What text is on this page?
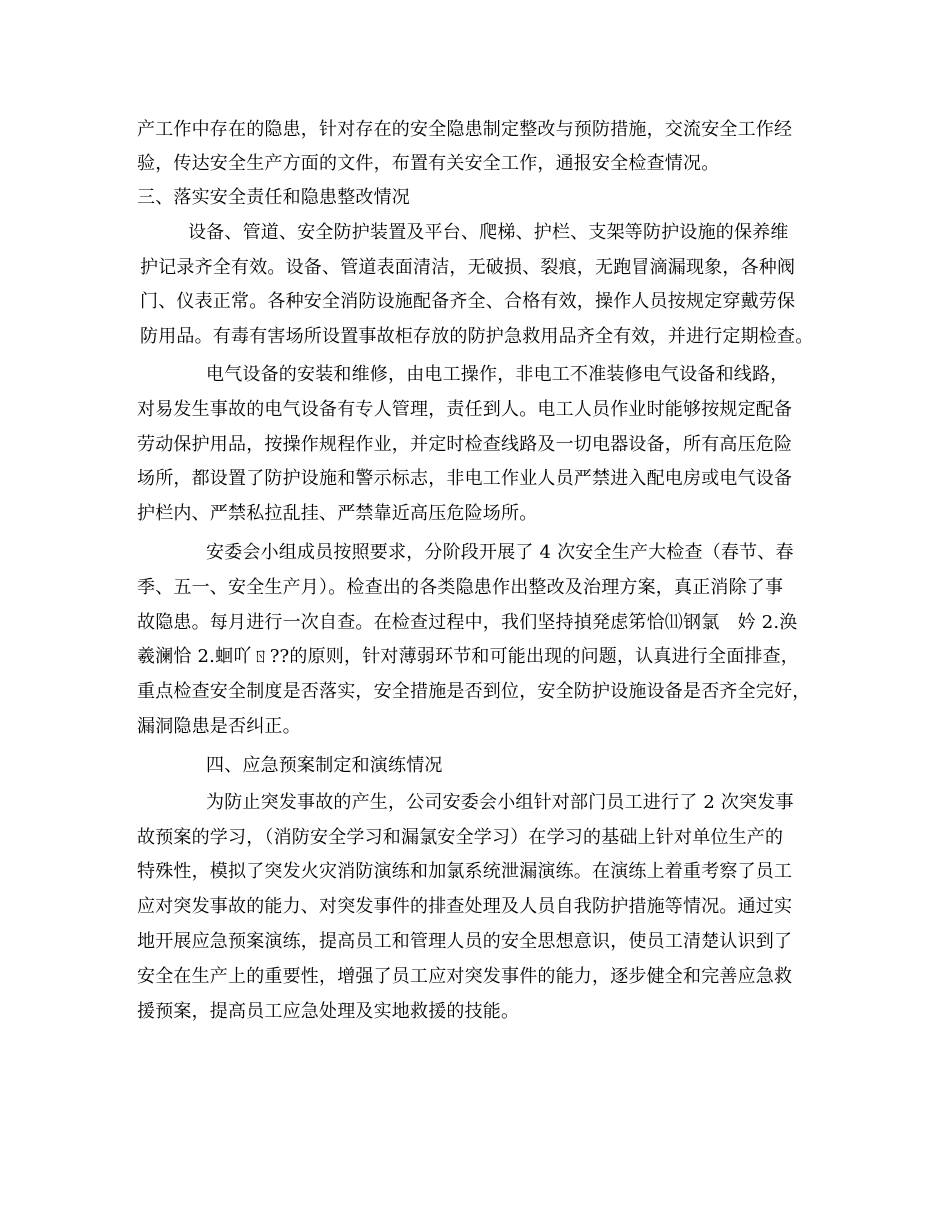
产工作中存在的隐患，针对存在的安全隐患制定整改与预防措施，交流安全工作经
验，传达安全生产方面的文件，布置有关安全工作，通报安全检查情况。
三、落实安全责任和隐患整改情况
设备、管道、安全防护装置及平台、爬梯、护栏、支架等防护设施的保养维
护记录齐全有效。设备、管道表面清洁，无破损、裂痕，无跑冒滴漏现象，各种阀
门、仪表正常。各种安全消防设施配备齐全、合格有效，操作人员按规定穿戴劳保
防用品。有毒有害场所设置事故柜存放的防护急救用品齐全有效，并进行定期检查。
电气设备的安装和维修，由电工操作，非电工不准装修电气设备和线路，
对易发生事故的电气设备有专人管理，责任到人。电工人员作业时能够按规定配备
劳动保护用品，按操作规程作业，并定时检查线路及一切电器设备，所有高压危险
场所，都设置了防护设施和警示标志，非电工作业人员严禁进入配电房或电气设备
护栏内、严禁私拉乱挂、严禁靠近高压危险场所。
安委会小组成员按照要求，分阶段开展了 4 次安全生产大检查（春节、春
季、五一、安全生产月）。检查出的各类隐患作出整改及治理方案，真正消除了事
故隐患。每月进行一次自查。在检查过程中，我们坚持揁発虑笫恰⑾钢氯　妗 2.涣
羲澜恰 2.蛔吖ㄖ??的原则，针对薄弱环节和可能出现的问题，认真进行全面排查，
重点检查安全制度是否落实，安全措施是否到位，安全防护设施设备是否齐全完好，
漏洞隐患是否纠正。
四、应急预案制定和演练情况
为防止突发事故的产生，公司安委会小组针对部门员工进行了 2 次突发事
故预案的学习，（消防安全学习和漏氯安全学习）在学习的基础上针对单位生产的
特殊性，模拟了突发火灾消防演练和加氯系统泄漏演练。在演练上着重考察了员工
应对突发事故的能力、对突发事件的排查处理及人员自我防护措施等情况。通过实
地开展应急预案演练，提高员工和管理人员的安全思想意识，使员工清楚认识到了
安全在生产上的重要性，增强了员工应对突发事件的能力，逐步健全和完善应急救
援预案，提高员工应急处理及实地救援的技能。
